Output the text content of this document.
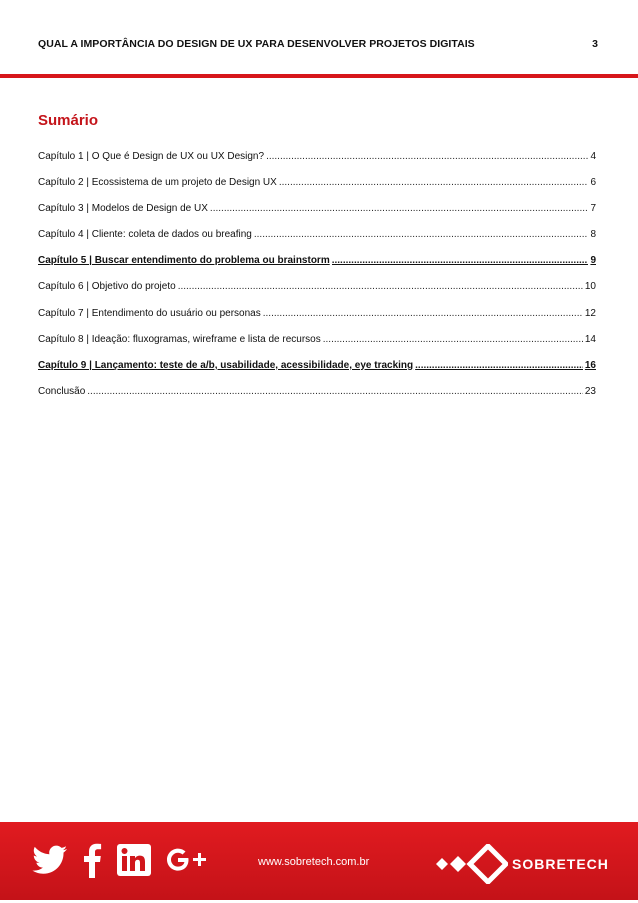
QUAL A IMPORTÂNCIA DO DESIGN DE UX PARA DESENVOLVER PROJETOS DIGITAIS	3
Sumário
Capítulo 1 | O Que é Design de UX ou UX Design? .....	4
Capítulo 2 | Ecossistema de um projeto de Design UX .....	6
Capítulo 3 | Modelos de Design de UX .....	7
Capítulo 4 | Cliente: coleta de dados ou breafing .....	8
Capítulo 5 | Buscar entendimento do problema ou brainstorm .....	9
Capítulo 6 | Objetivo do projeto .....	10
Capítulo 7 | Entendimento do usuário ou personas .....	12
Capítulo 8 | Ideação: fluxogramas, wireframe e lista de recursos .....	14
Capítulo 9 | Lançamento: teste de a/b, usabilidade, acessibilidade, eye tracking .....	16
Conclusão .....	23
www.sobretech.com.br	SOBRETECH
